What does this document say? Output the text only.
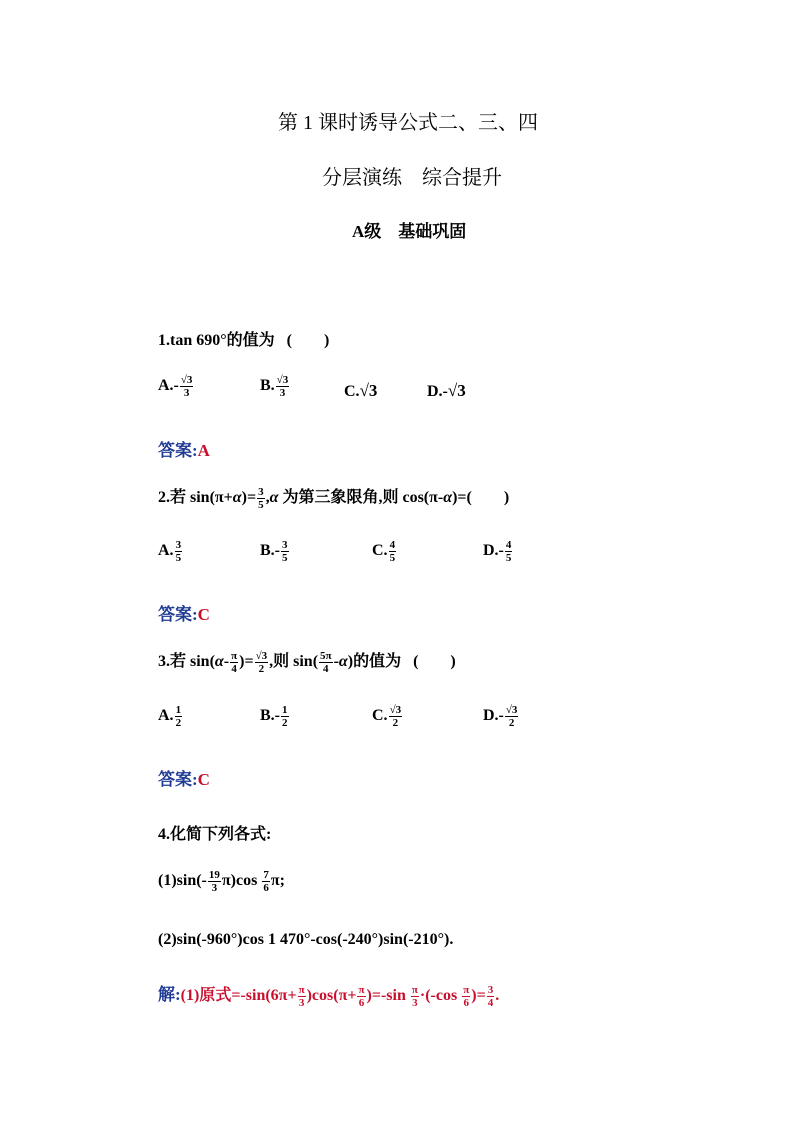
第 1 课时诱导公式二、三、四
分层演练　综合提升
A级　基础巩固
1.tan 690°的值为 (　　)
$A.- \frac{√3}{3}$	B. $\frac{√3}{3}$	C.√3	D.-√3
答案:A
2.若 $\sin(\pi+\alpha)= \frac{3}{5} ,\alpha$ 为第三象限角,则 cos(π-α)=(　　)
A. $\frac{3}{5}$	$B.- \frac{3}{5}$	C. $\frac{4}{5}$	$D.- \frac{4}{5}$
答案:C
3.若 $\sin(\alpha- \frac{\pi}{4}$ )= $\frac{√3}{2}$ ,则 $\sin( \frac{5\pi}{4} -\alpha)$的值为 (　　)
A. $\frac{1}{2}$	$B.- \frac{1}{2}$	C. $\frac{√3}{2}$	$D.- \frac{√3}{2}$
答案:C
4.化简下列各式:
$(1)\sin(- \frac{19}{3} \pi)\cos \frac{7}{6} \pi$;
(2)sin(-960°)cos 1 470°-cos(-240°)sin(-210°).
解:(1)原式$=-\sin(6\pi+ \frac{\pi}{3} )\cos(\pi+ \frac{\pi}{6} )=-\sin \frac{\pi}{3} \cdot(-\cos \frac{\pi}{6}$ )= $\frac{3}{4}$ .
